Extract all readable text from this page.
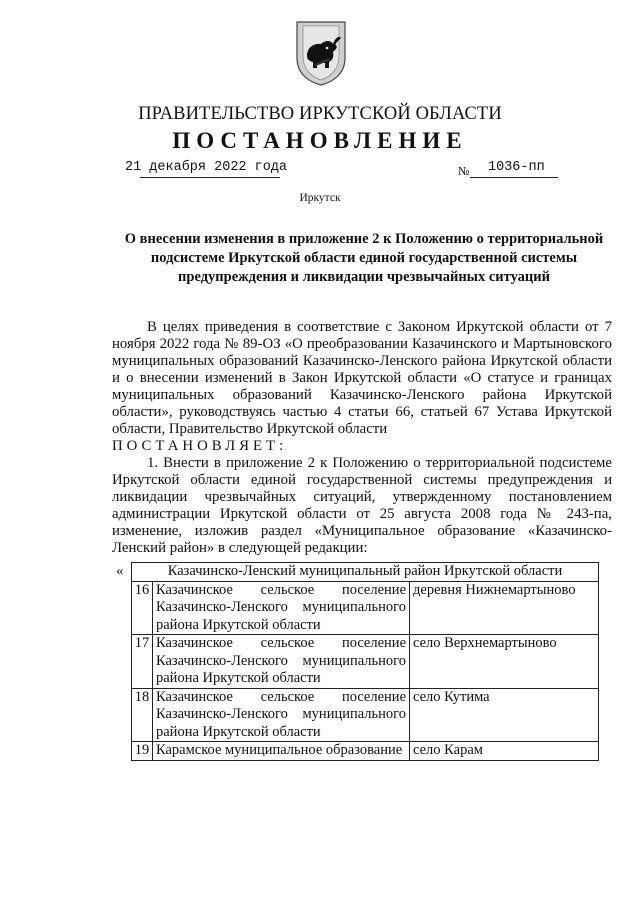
ПРАВИТЕЛЬСТВО ИРКУТСКОЙ ОБЛАСТИ
ПОСТАНОВЛЕНИЕ
21 декабря 2022 года	№ 1036-пп
Иркутск
О внесении изменения в приложение 2 к Положению о территориальной подсистеме Иркутской области единой государственной системы предупреждения и ликвидации чрезвычайных ситуаций

В целях приведения в соответствие с Законом Иркутской области от 7 ноября 2022 года № 89-ОЗ «О преобразовании Казачинского и Мартыновского муниципальных образований Казачинско-Ленского района Иркутской области и о внесении изменений в Закон Иркутской области «О статусе и границах муниципальных образований Казачинско-Ленского района Иркутской области», руководствуясь частью 4 статьи 66, статьей 67 Устава Иркутской области, Правительство Иркутской области

ПОСТАНОВЛЯЕТ:

1. Внести в приложение 2 к Положению о территориальной подсистеме Иркутской области единой государственной системы предупреждения и ликвидации чрезвычайных ситуаций, утвержденному постановлением администрации Иркутской области от 25 августа 2008 года № 243-па, изменение, изложив раздел «Муниципальное образование «Казачинско-Ленский район» в следующей редакции:

«	Казачинско-Ленский муниципальный район Иркутской области		
16	Казачинское сельское поселение Казачинско-Ленского муниципального района Иркутской области	деревня Нижнемартыново
17	Казачинское сельское поселение Казачинско-Ленского муниципального района Иркутской области	село Верхнемартыново
18	Казачинское сельское поселение Казачинско-Ленского муниципального района Иркутской области	село Кутима
19	Карамское муниципальное образование	село Карам
